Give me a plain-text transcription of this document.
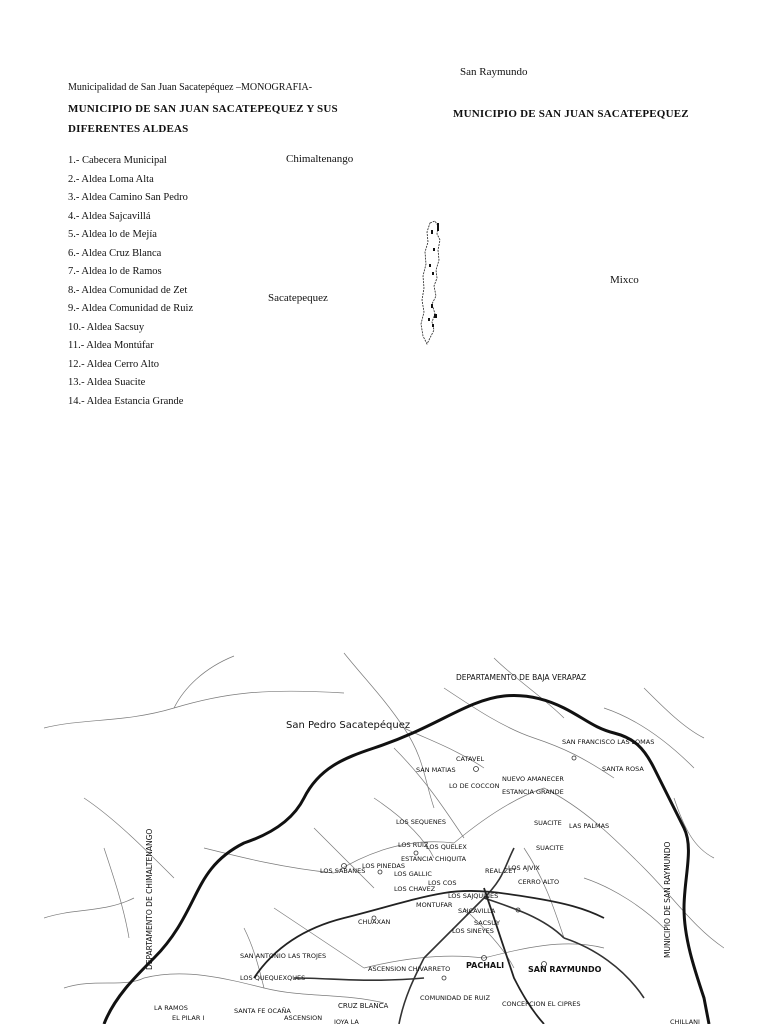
Municipalidad de San Juan Sacatepéquez –MONOGRAFIA-
MUNICIPIO DE SAN JUAN SACATEPEQUEZ Y SUS DIFERENTES ALDEAS
1.- Cabecera Municipal
2.- Aldea Loma Alta
3.- Aldea Camino San Pedro
4.- Aldea Sajcavillá
5.- Aldea lo de Mejía
6.- Aldea Cruz Blanca
7.- Aldea lo de Ramos
8.- Aldea Comunidad de Zet
9.- Aldea Comunidad de Ruiz
10.- Aldea Sacsuy
11.- Aldea Montúfar
12.- Aldea Cerro Alto
13.- Aldea Suacite
14.- Aldea Estancia Grande
San Raymundo
MUNICIPIO DE SAN JUAN SACATEPEQUEZ
Chimaltenango
Sacatepequez
Mixco
DEPARTAMENTO DE BAJA VERAPAZ
San Pedro Sacatepéquez
DEPARTAMENTO DE CHIMALTENANGO	MUNICIPIO DE SAN RAYMUNDO
SAN FRANCISCO LAS LOMAS
SANTA ROSA
CATAVEL
SAN MATIAS
NUEVO AMANECER
LO DE COCCON
ESTANCIA GRANDE
LOS SEQUENES	SUACITE LAS PALMAS
LOS RUIZ
LOS QUELEX
ESTANCIA CHIQUITA
LOS SABANES
LOS PINEDAS
LOS GALLIC
LOS CHAVEZ
LOS COS
REAL ZET
LOS AJVIX
CERRO ALTO
SUACITE
LOS SAJQUINES
MONTUFAR
SAJCAVILLA
CHUAXAN
LOS SINEYES
SACSUY
SAN ANTONIO LAS TROJES
LOS QUEQUEXQUES
ASCENSION CHIVARRETO PACHALI	SAN RAYMUNDO
COMUNIDAD DE RUIZ
CONCEPCION EL CIPRES
LA RAMOS
EL PILAR I
SANTA FE OCAÑA
ASCENSION
CRUZ BLANCA
JOYA LA	CHILLANI
